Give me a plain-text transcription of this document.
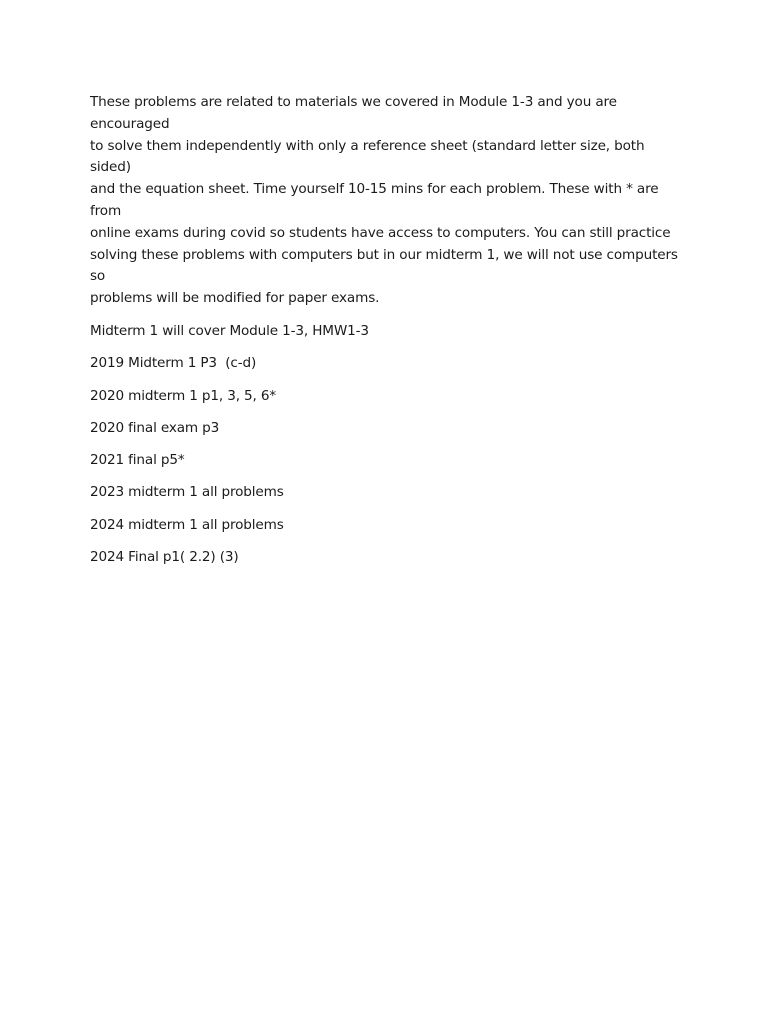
These problems are related to materials we covered in Module 1-3 and you are encouraged
to solve them independently with only a reference sheet (standard letter size, both sided)
and the equation sheet. Time yourself 10-15 mins for each problem. These with * are from
online exams during covid so students have access to computers. You can still practice
solving these problems with computers but in our midterm 1, we will not use computers so
problems will be modified for paper exams.

Midterm 1 will cover Module 1-3, HMW1-3

2019 Midterm 1 P3  (c-d)

2020 midterm 1 p1, 3, 5, 6*

2020 final exam p3

2021 final p5*

2023 midterm 1 all problems

2024 midterm 1 all problems

2024 Final p1( 2.2) (3)
